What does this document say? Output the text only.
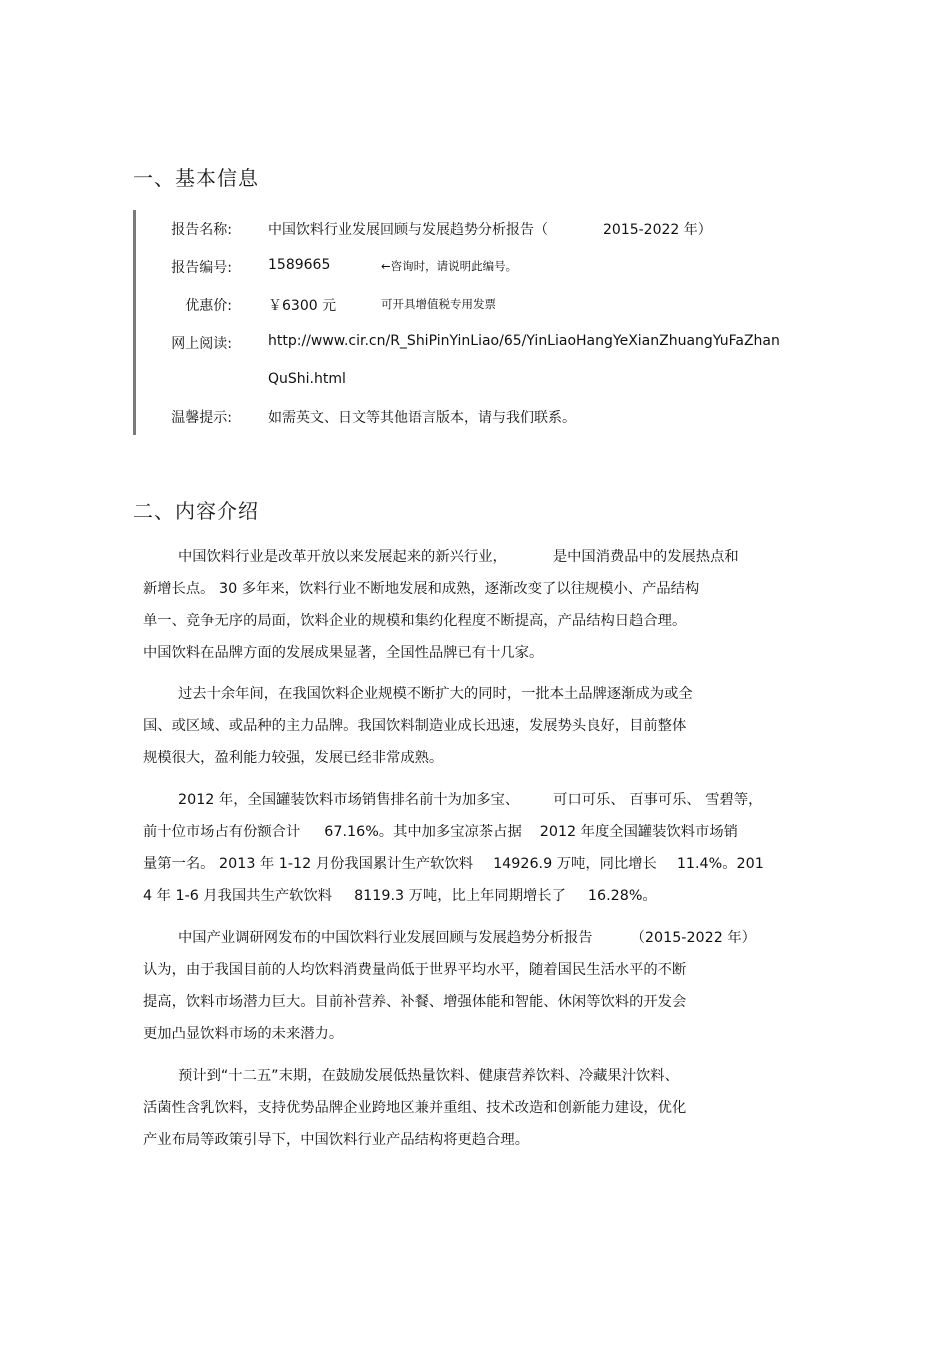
一、基本信息
报告名称:	中国饮料行业发展回顾与发展趋势分析报告（	2015-2022 年）
报告编号:	1589665	←咨询时，请说明此编号。
优惠价:	￥6300 元	可开具增值税专用发票
网上阅读:	http://www.cir.cn/R_ShiPinYinLiao/65/YinLiaoHangYeXianZhuangYuFaZhan
QuShi.html
温馨提示:	如需英文、日文等其他语言版本，请与我们联系。
二、内容介绍
中国饮料行业是改革开放以来发展起来的新兴行业，	是中国消费品中的发展热点和
新增长点。 30 多年来，饮料行业不断地发展和成熟，逐渐改变了以往规模小、产品结构
单一、竞争无序的局面，饮料企业的规模和集约化程度不断提高，产品结构日趋合理。
中国饮料在品牌方面的发展成果显著，全国性品牌已有十几家。
过去十余年间，在我国饮料企业规模不断扩大的同时，一批本土品牌逐渐成为或全
国、或区域、或品种的主力品牌。我国饮料制造业成长迅速，发展势头良好，目前整体
规模很大，盈利能力较强，发展已经非常成熟。
2012 年，全国罐装饮料市场销售排名前十为加多宝、 可口可乐、 百事可乐、 雪碧等，
前十位市场占有份额合计 67.16%。其中加多宝凉茶占据 2012 年度全国罐装饮料市场销
量第一名。 2013 年 1-12 月份我国累计生产软饮料 14926.9 万吨，同比增长 11.4%。201
4 年 1-6 月我国共生产软饮料 8119.3 万吨，比上年同期增长了 16.28%。
中国产业调研网发布的中国饮料行业发展回顾与发展趋势分析报告	（2015-2022 年）
认为，由于我国目前的人均饮料消费量尚低于世界平均水平，随着国民生活水平的不断
提高，饮料市场潜力巨大。目前补营养、补餐、增强体能和智能、休闲等饮料的开发会
更加凸显饮料市场的未来潜力。
预计到“十二五”末期，在鼓励发展低热量饮料、健康营养饮料、冷藏果汁饮料、
活菌性含乳饮料，支持优势品牌企业跨地区兼并重组、技术改造和创新能力建设，优化
产业布局等政策引导下，中国饮料行业产品结构将更趋合理。
